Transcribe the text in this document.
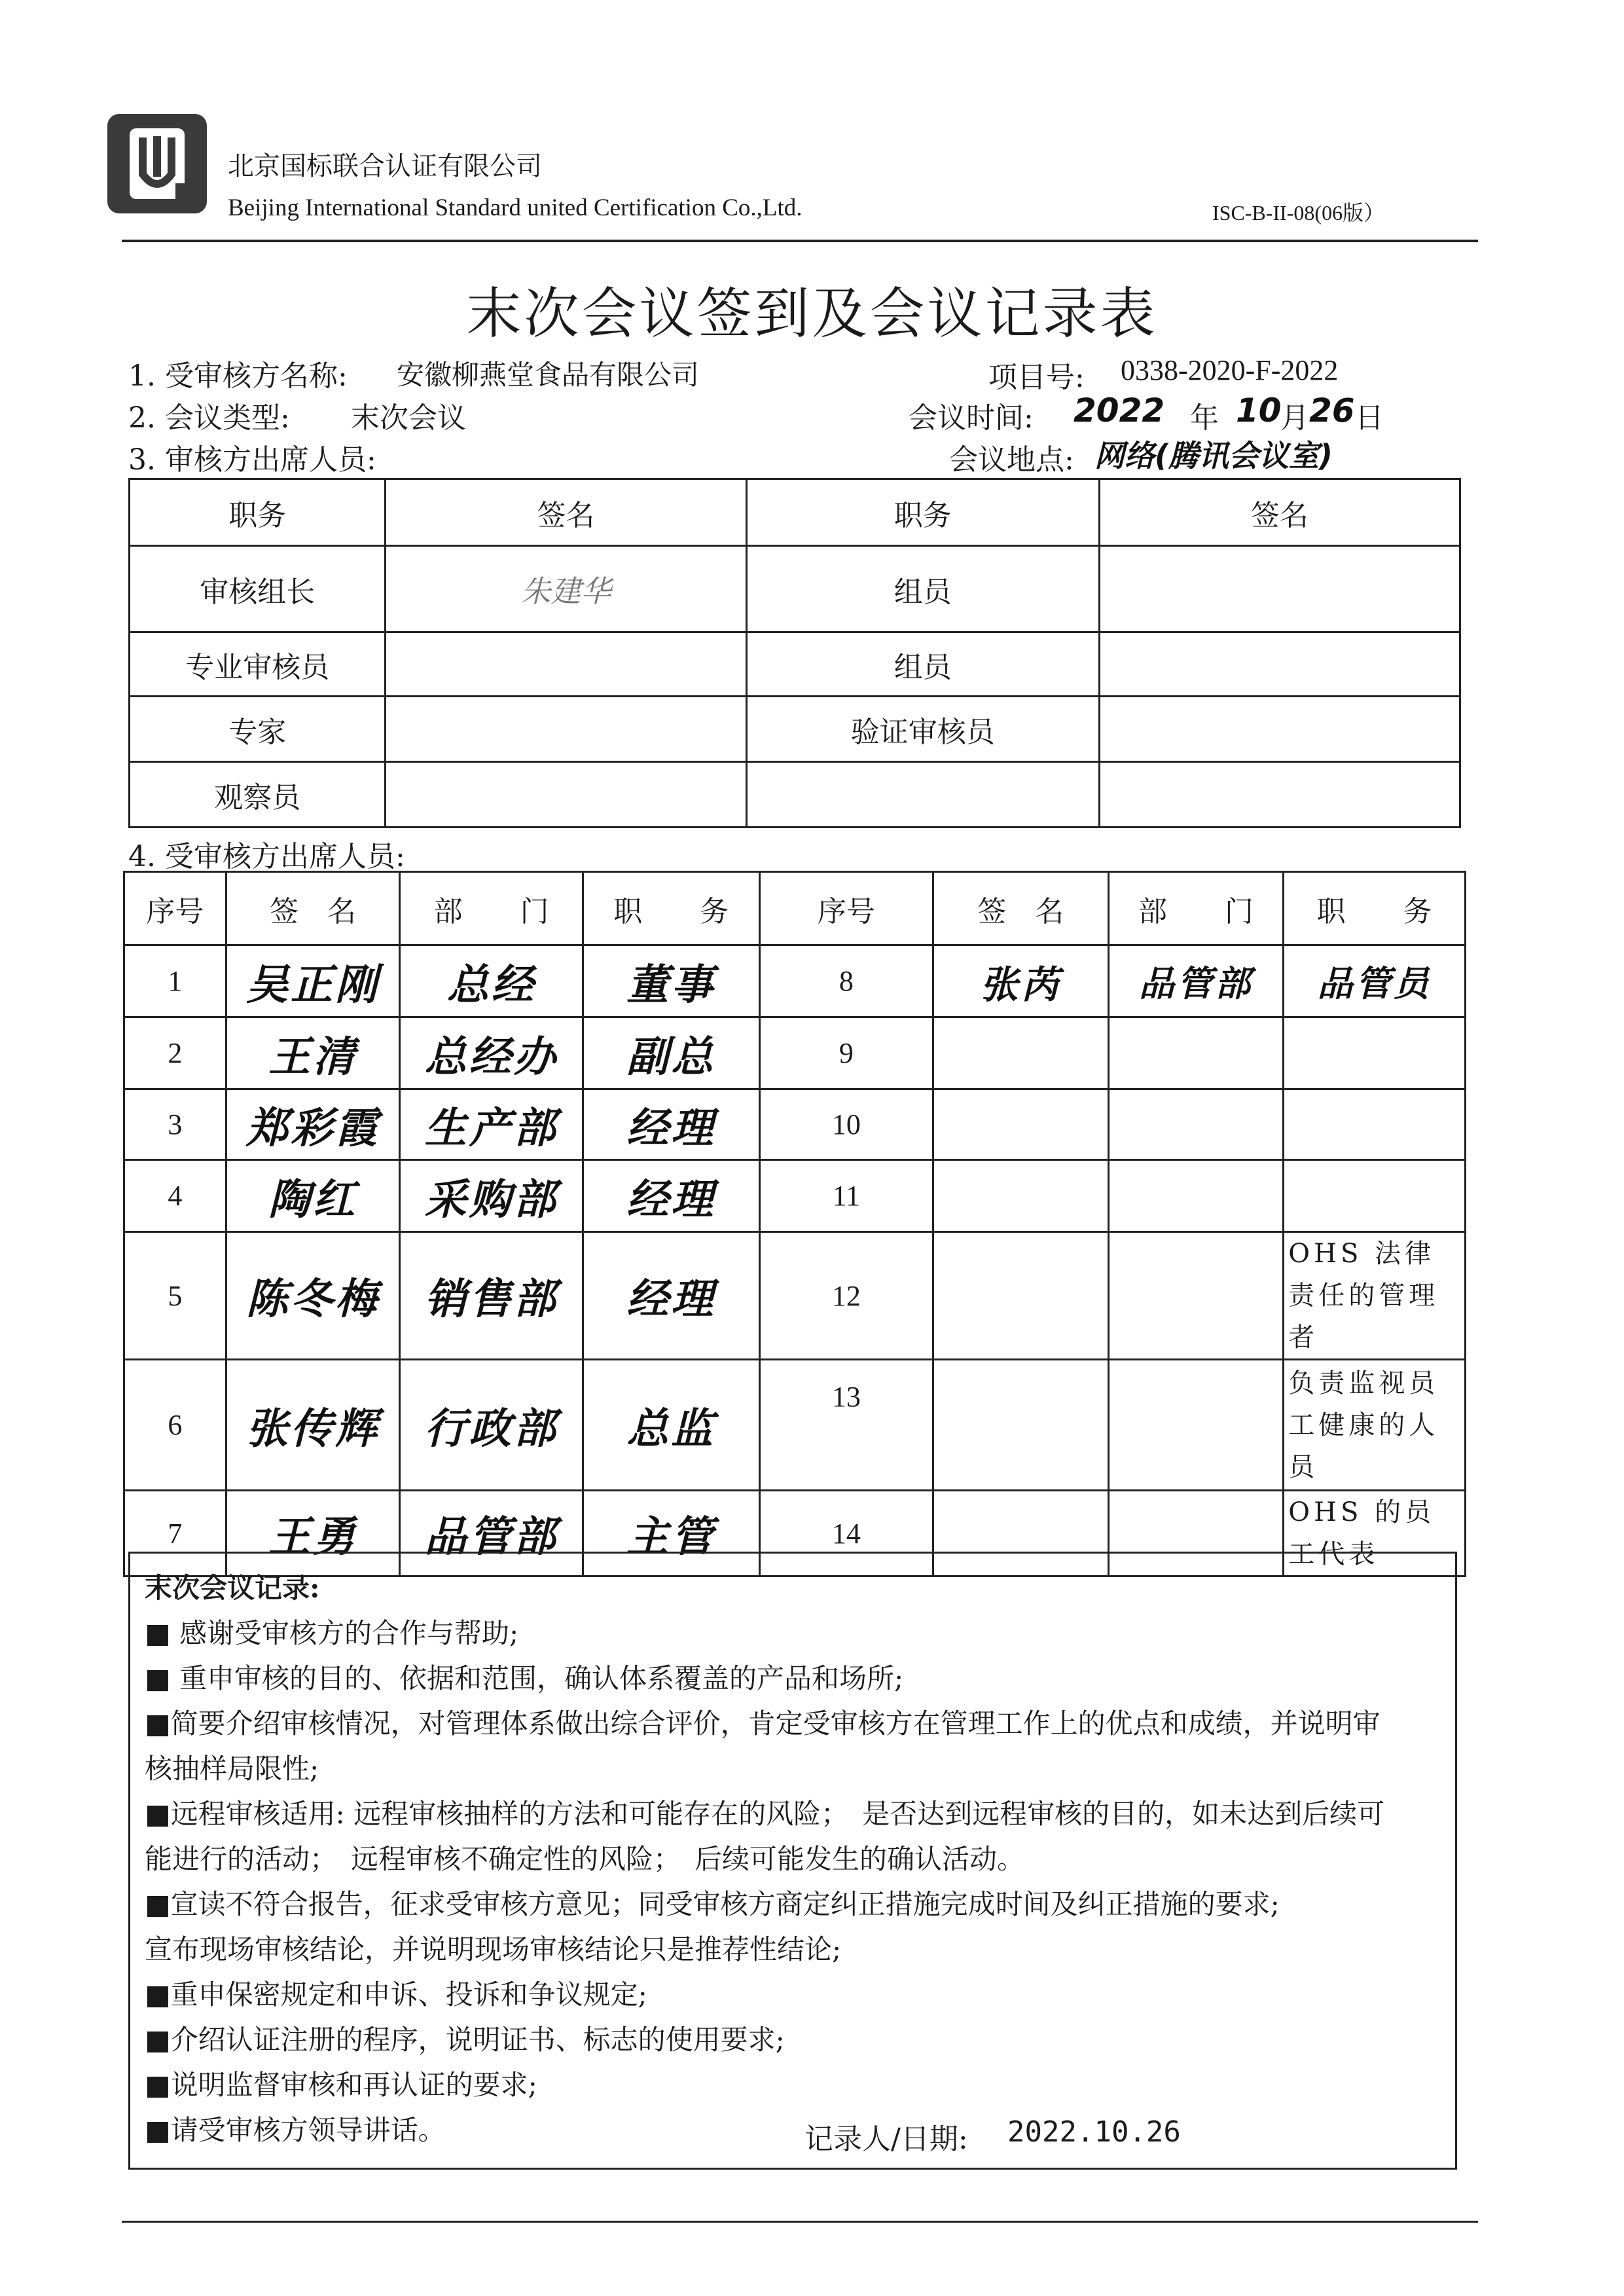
北京国标联合认证有限公司
Beijing International Standard united Certification Co.,Ltd.	ISC-B-II-08(06版）
末次会议签到及会议记录表
1. 受审核方名称: 安徽柳燕堂食品有限公司	项目号: 0338-2020-F-2022
2. 会议类型: 末次会议	会议时间: 2022 年 10
月 26 日
3. 审核方出席人员:	会议地点: 网络(腾讯会议室)
职务	签名	职务	签名
审核组长	朱建华	组员	
专业审核员		组员	
专家		验证审核员	
观察员			
4. 受审核方出席人员:
序号	签　名	部　　门	职　　务	序号	签　名	部　　门	职　　务
1	吴正刚	总经	董事	8	张芮	品管部	品管员
2	王清	总经办	副总	9			
3	郑彩霞	生产部	经理	10			
4	陶红	采购部	经理	11			
5	陈冬梅	销售部	经理	12			OHS 法律责任的管理者
6	张传辉	行政部	总监	13			负责监视员工健康的人员
7	王勇	品管部	主管	14			OHS 的员工代表

末次会议记录:

■ 感谢受审核方的合作与帮助;

■ 重申审核的目的、依据和范围，确认体系覆盖的产品和场所;

■简要介绍审核情况，对管理体系做出综合评价，肯定受审核方在管理工作上的优点和成绩，并说明审

核抽样局限性;

■远程审核适用: 远程审核抽样的方法和可能存在的风险；　是否达到远程审核的目的，如未达到后续可

能进行的活动；　远程审核不确定性的风险；　后续可能发生的确认活动。

■宣读不符合报告，征求受审核方意见；同受审核方商定纠正措施完成时间及纠正措施的要求;

宣布现场审核结论，并说明现场审核结论只是推荐性结论;

■重申保密规定和申诉、投诉和争议规定;

■介绍认证注册的程序，说明证书、标志的使用要求;

■说明监督审核和再认证的要求;

■请受审核方领导讲话。	记录人/日期: 2022.10.26
